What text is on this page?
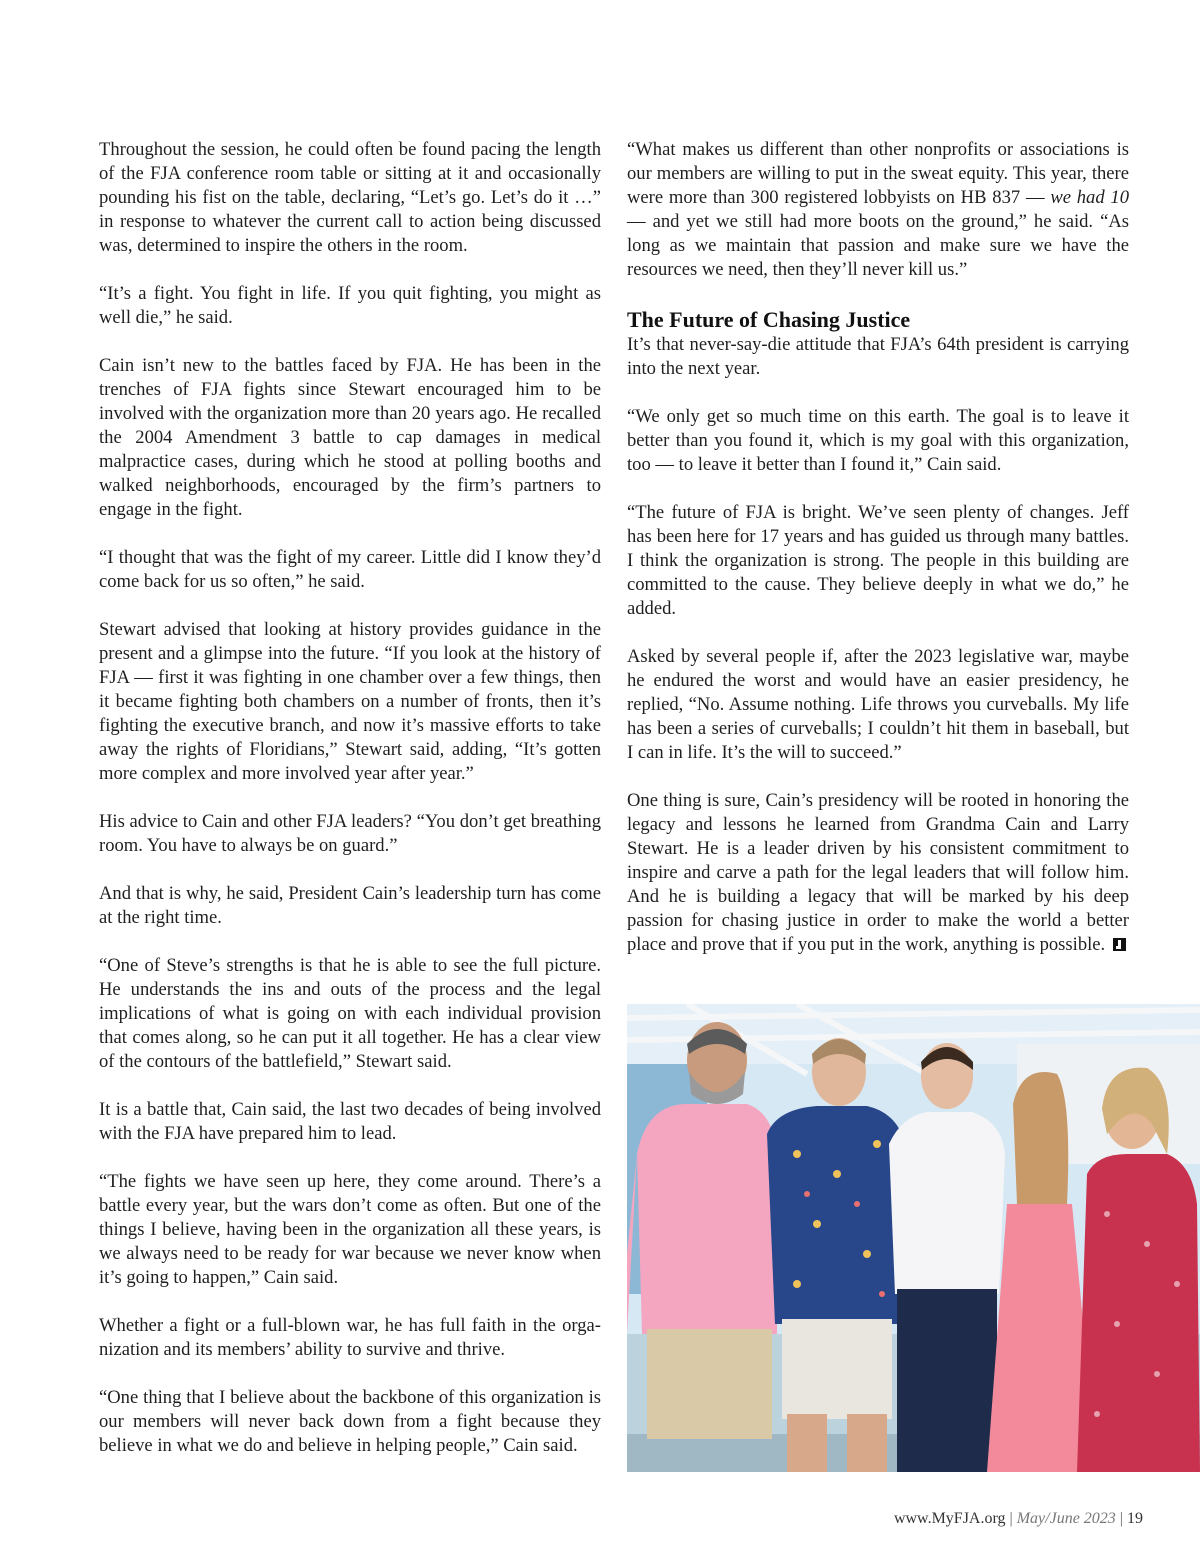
Throughout the session, he could often be found pacing the length of the FJA conference room table or sitting at it and occasionally pounding his fist on the table, declaring, “Let’s go. Let’s do it …” in response to whatever the current call to action being discussed was, determined to inspire the others in the room.

“It’s a fight. You fight in life. If you quit fighting, you might as well die,” he said.

Cain isn’t new to the battles faced by FJA. He has been in the trenches of FJA fights since Stewart encouraged him to be involved with the organization more than 20 years ago. He recalled the 2004 Amendment 3 battle to cap damages in medical malpractice cases, during which he stood at polling booths and walked neighborhoods, encouraged by the firm’s partners to engage in the fight.

“I thought that was the fight of my career. Little did I know they’d come back for us so often,” he said.

Stewart advised that looking at history provides guidance in the present and a glimpse into the future. “If you look at the history of FJA — first it was fighting in one chamber over a few things, then it became fighting both chambers on a number of fronts, then it’s fighting the executive branch, and now it’s massive efforts to take away the rights of Floridians,” Stewart said, adding, “It’s gotten more complex and more involved year after year.”

His advice to Cain and other FJA leaders? “You don’t get breathing room. You have to always be on guard.”

And that is why, he said, President Cain’s leadership turn has come at the right time.

“One of Steve’s strengths is that he is able to see the full picture. He understands the ins and outs of the process and the legal implications of what is going on with each individual provision that comes along, so he can put it all together. He has a clear view of the contours of the battlefield,” Stewart said.

It is a battle that, Cain said, the last two decades of being involved with the FJA have prepared him to lead.

“The fights we have seen up here, they come around. There’s a battle every year, but the wars don’t come as often. But one of the things I believe, having been in the organization all these years, is we always need to be ready for war because we never know when it’s going to happen,” Cain said.

Whether a fight or a full-blown war, he has full faith in the organization and its members’ ability to survive and thrive.

“One thing that I believe about the backbone of this organization is our members will never back down from a fight because they believe in what we do and believe in helping people,” Cain said.

“What makes us different than other nonprofits or associations is our members are willing to put in the sweat equity. This year, there were more than 300 registered lobbyists on HB 837 — we had 10 — and yet we still had more boots on the ground,” he said. “As long as we maintain that passion and make sure we have the resources we need, then they’ll never kill us.”

The Future of Chasing Justice

It’s that never-say-die attitude that FJA’s 64th president is carrying into the next year.

“We only get so much time on this earth. The goal is to leave it better than you found it, which is my goal with this organization, too — to leave it better than I found it,” Cain said.

“The future of FJA is bright. We’ve seen plenty of changes. Jeff has been here for 17 years and has guided us through many battles. I think the organization is strong. The people in this building are committed to the cause. They believe deeply in what we do,” he added.

Asked by several people if, after the 2023 legislative war, maybe he endured the worst and would have an easier presidency, he replied, “No. Assume nothing. Life throws you curveballs. My life has been a series of curveballs; I couldn’t hit them in baseball, but I can in life. It’s the will to succeed.”

One thing is sure, Cain’s presidency will be rooted in honoring the legacy and lessons he learned from Grandma Cain and Larry Stewart. He is a leader driven by his consistent commitment to inspire and carve a path for the legal leaders that will follow him. And he is building a legacy that will be marked by his deep passion for chasing justice in order to make the world a better place and prove that if you put in the work, anything is possible.

www.MyFJA.org | May/June 2023 | 19
